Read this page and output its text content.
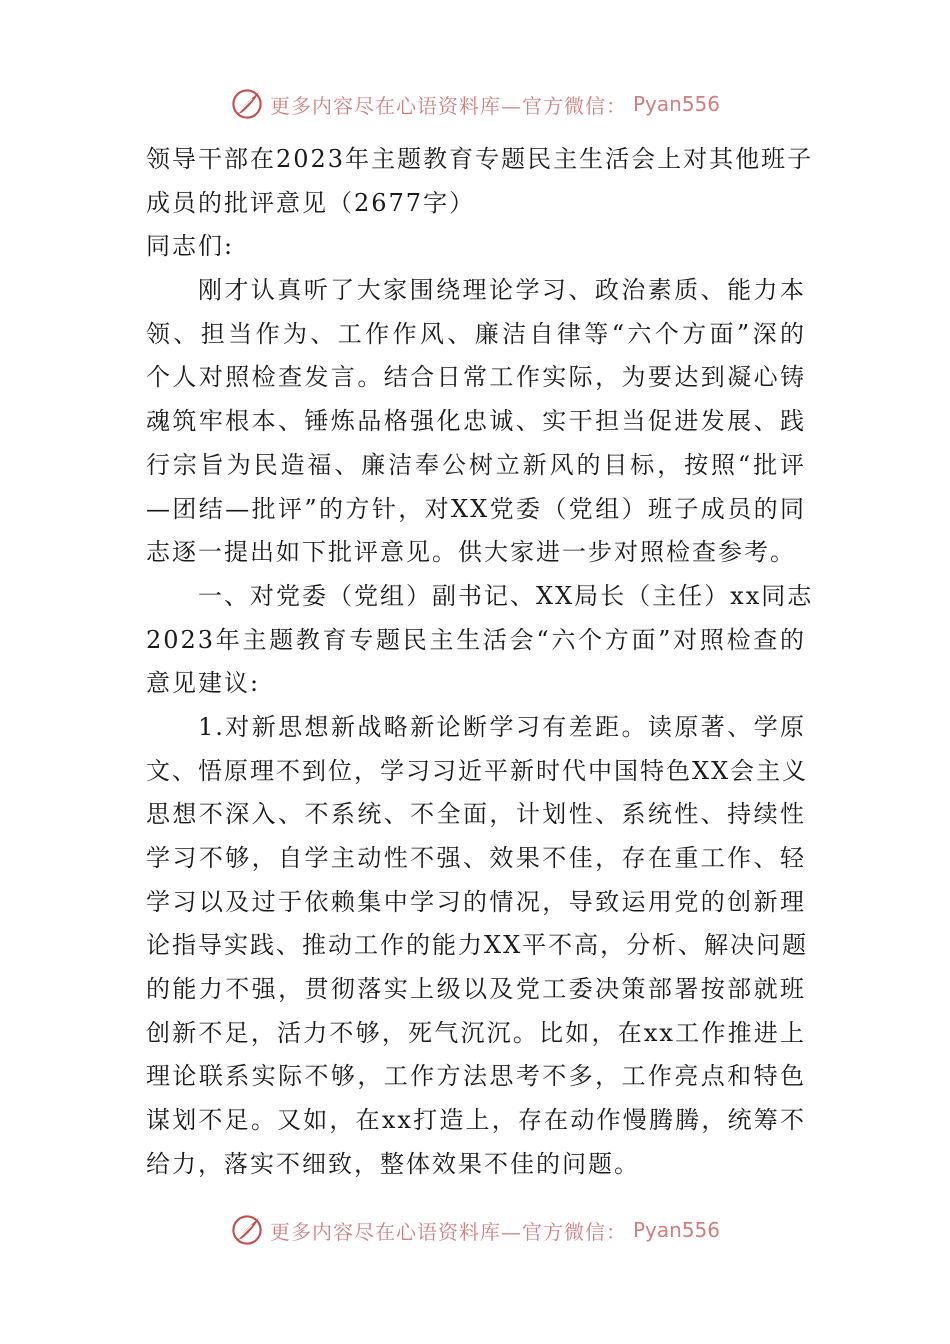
更多内容尽在心语资料库—官方微信： Pyan556
领导干部在2023年主题教育专题民主生活会上对其他班子
成员的批评意见（2677字）
同志们:
刚才认真听了大家围绕理论学习、政治素质、能力本
领、担当作为、工作作风、廉洁自律等“六个方面”深的
个人对照检查发言。结合日常工作实际，为要达到凝心铸
魂筑牢根本、锤炼品格强化忠诚、实干担当促进发展、践
行宗旨为民造福、廉洁奉公树立新风的目标，按照“批评
—团结—批评”的方针，对XX党委（党组）班子成员的同
志逐一提出如下批评意见。供大家进一步对照检查参考。
一、对党委（党组）副书记、XX局长（主任）xx同志
2023年主题教育专题民主生活会“六个方面”对照检查的
意见建议:
1.对新思想新战略新论断学习有差距。读原著、学原
文、悟原理不到位，学习习近平新时代中国特色XX会主义
思想不深入、不系统、不全面，计划性、系统性、持续性
学习不够，自学主动性不强、效果不佳，存在重工作、轻
学习以及过于依赖集中学习的情况，导致运用党的创新理
论指导实践、推动工作的能力XX平不高，分析、解决问题
的能力不强，贯彻落实上级以及党工委决策部署按部就班
创新不足，活力不够，死气沉沉。比如，在xx工作推进上
理论联系实际不够，工作方法思考不多，工作亮点和特色
谋划不足。又如，在xx打造上，存在动作慢腾腾，统筹不
给力，落实不细致，整体效果不佳的问题。
更多内容尽在心语资料库—官方微信： Pyan556
